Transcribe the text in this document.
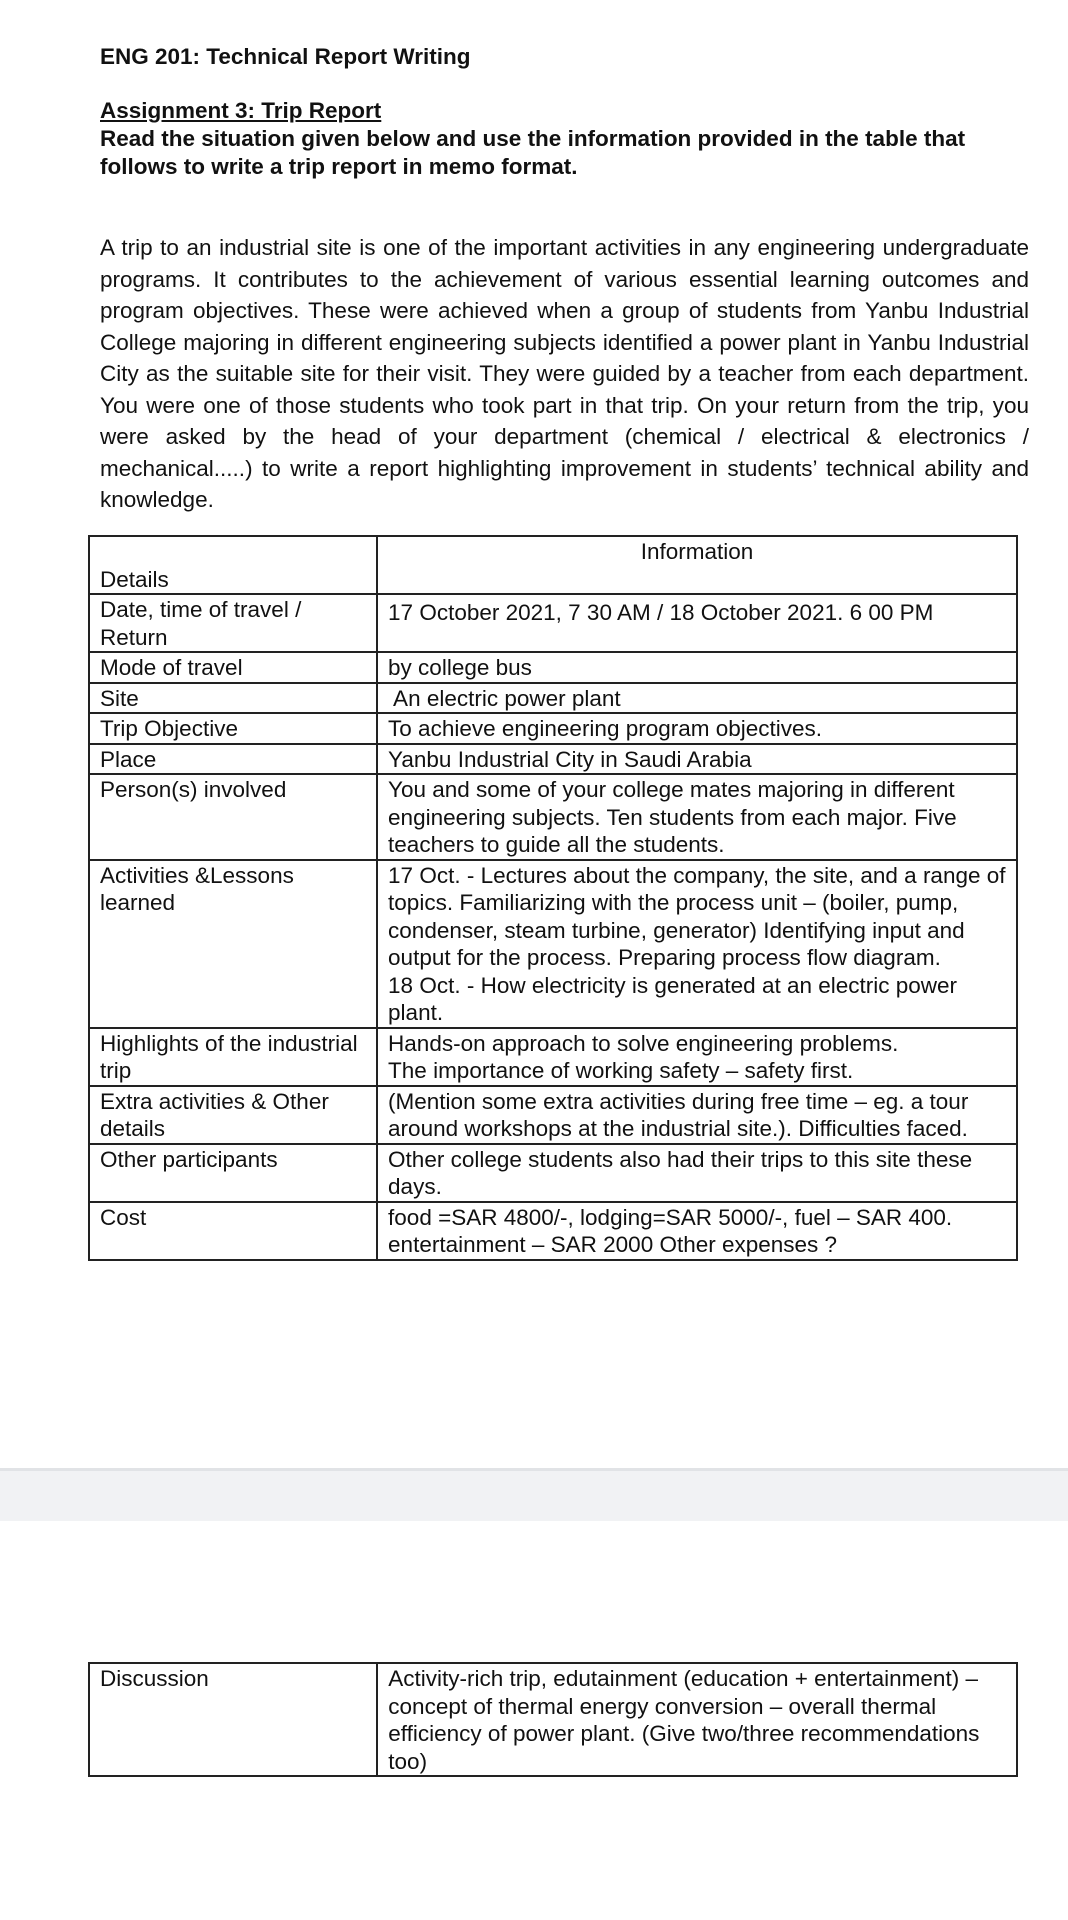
ENG 201: Technical Report Writing
Assignment 3: Trip Report
Read the situation given below and use the information provided in the table that follows to write a trip report in memo format.
A trip to an industrial site is one of the important activities in any engineering undergraduate programs. It contributes to the achievement of various essential learning outcomes and program objectives. These were achieved when a group of students from Yanbu Industrial College majoring in different engineering subjects identified a power plant in Yanbu Industrial City as the suitable site for their visit. They were guided by a teacher from each department. You were one of those students who took part in that trip. On your return from the trip, you were asked by the head of your department (chemical / electrical & electronics / mechanical.....) to write a report highlighting improvement in students’ technical ability and knowledge.
Details	Information
Date, time of travel / Return	17 October 2021, 7 30 AM / 18 October 2021. 6 00 PM
Mode of travel	by college bus
Site	An electric power plant
Trip Objective	To achieve engineering program objectives.
Place	Yanbu Industrial City in Saudi Arabia
Person(s) involved	You and some of your college mates majoring in different engineering subjects. Ten students from each major. Five teachers to guide all the students.
Activities &Lessons learned	17 Oct. - Lectures about the company, the site, and a range of topics. Familiarizing with the process unit – (boiler, pump, condenser, steam turbine, generator) Identifying input and output for the process. Preparing process flow diagram.
18 Oct. - How electricity is generated at an electric power plant.

Highlights of the industrial trip	Hands-on approach to solve engineering problems.
The importance of working safety – safety first.

Extra activities & Other details	(Mention some extra activities during free time – eg. a tour around workshops at the industrial site.). Difficulties faced.
Other participants	Other college students also had their trips to this site these days.
Cost	food =SAR 4800/-, lodging=SAR 5000/-, fuel – SAR 400. entertainment – SAR 2000 Other expenses ?
Discussion	Activity-rich trip, edutainment (education + entertainment) – concept of thermal energy conversion – overall thermal efficiency of power plant. (Give two/three recommendations too)
